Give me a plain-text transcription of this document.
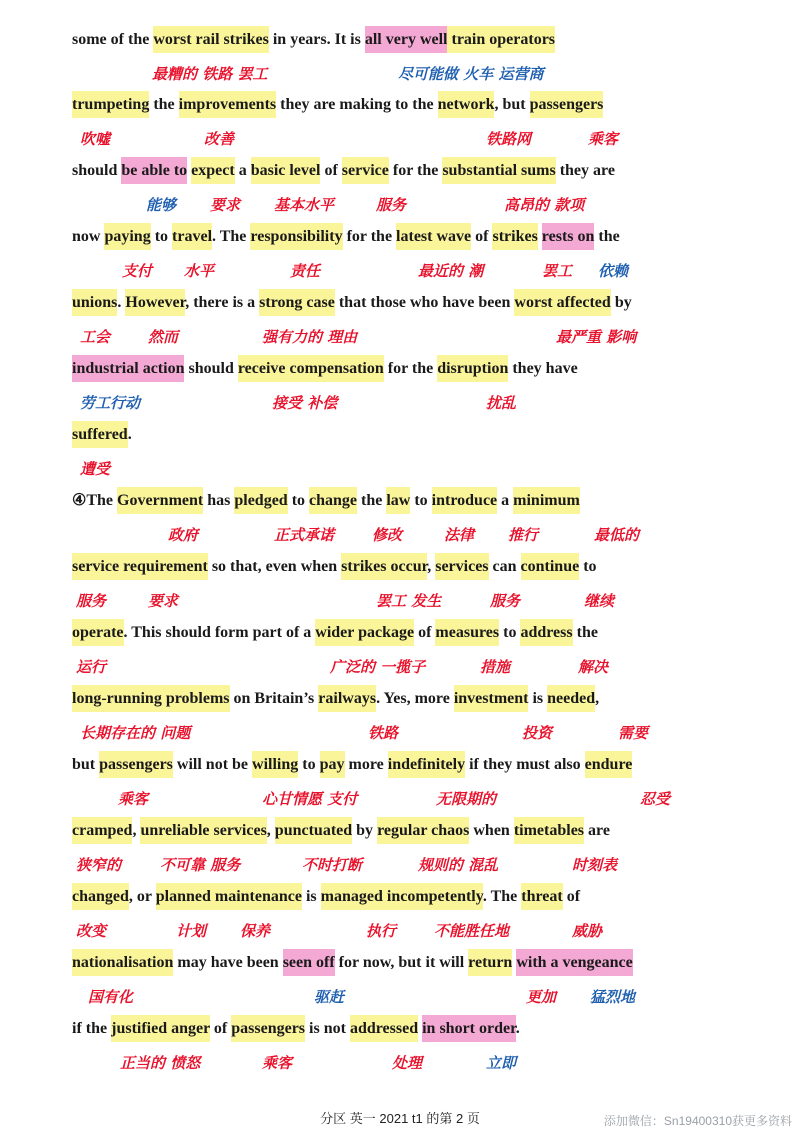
some of the worst rail strikes in years. It is all very well train operators
最糟的 铁路 罢工	尽可能做 火车 运营商
trumpeting the improvements they are making to the network, but passengers
吹嘘	改善	铁路网	乘客
should be able to expect a basic level of service for the substantial sums they are
能够 要求 基本水平	服务	高昂的 款项
now paying to travel. The responsibility for the latest wave of strikes rests on the
支付 水平	责任	最近的 潮	罢工 依赖
unions. However, there is a strong case that those who have been worst affected by
工会	然而	强有力的 理由	最严重 影响
industrial action should receive compensation for the disruption they have
劳工行动	接受 补偿	扰乱
suffered.
遭受
④The Government has pledged to change the law to introduce a minimum
政府	正式承诺	修改	法律 推行	最低的
service requirement so that, even when strikes occur, services can continue to
服务	要求	罢工 发生	服务	继续
operate. This should form part of a wider package of measures to address the
运行	广泛的 一揽子	措施	解决
long-running problems on Britain’s railways. Yes, more investment is needed,
长期存在的 问题	铁路	投资	需要
but passengers will not be willing to pay more indefinitely if they must also endure
乘客	心甘情愿 支付	无限期的	忍受
cramped, unreliable services, punctuated by regular chaos when timetables are
狭窄的	不可靠 服务	不时打断	规则的 混乱	时刻表
changed, or planned maintenance is managed incompetently. The threat of
改变	计划 保养	执行	不能胜任地	威胁
nationalisation may have been seen off for now, but it will return with a vengeance
国有化	驱赶	更加 猛烈地
if the justified anger of passengers is not addressed in short order.
正当的 愤怒	乘客	处理	立即
分区 英一 2021 t1 的第 2 页	添加微信：Sn19400310获更多资料
